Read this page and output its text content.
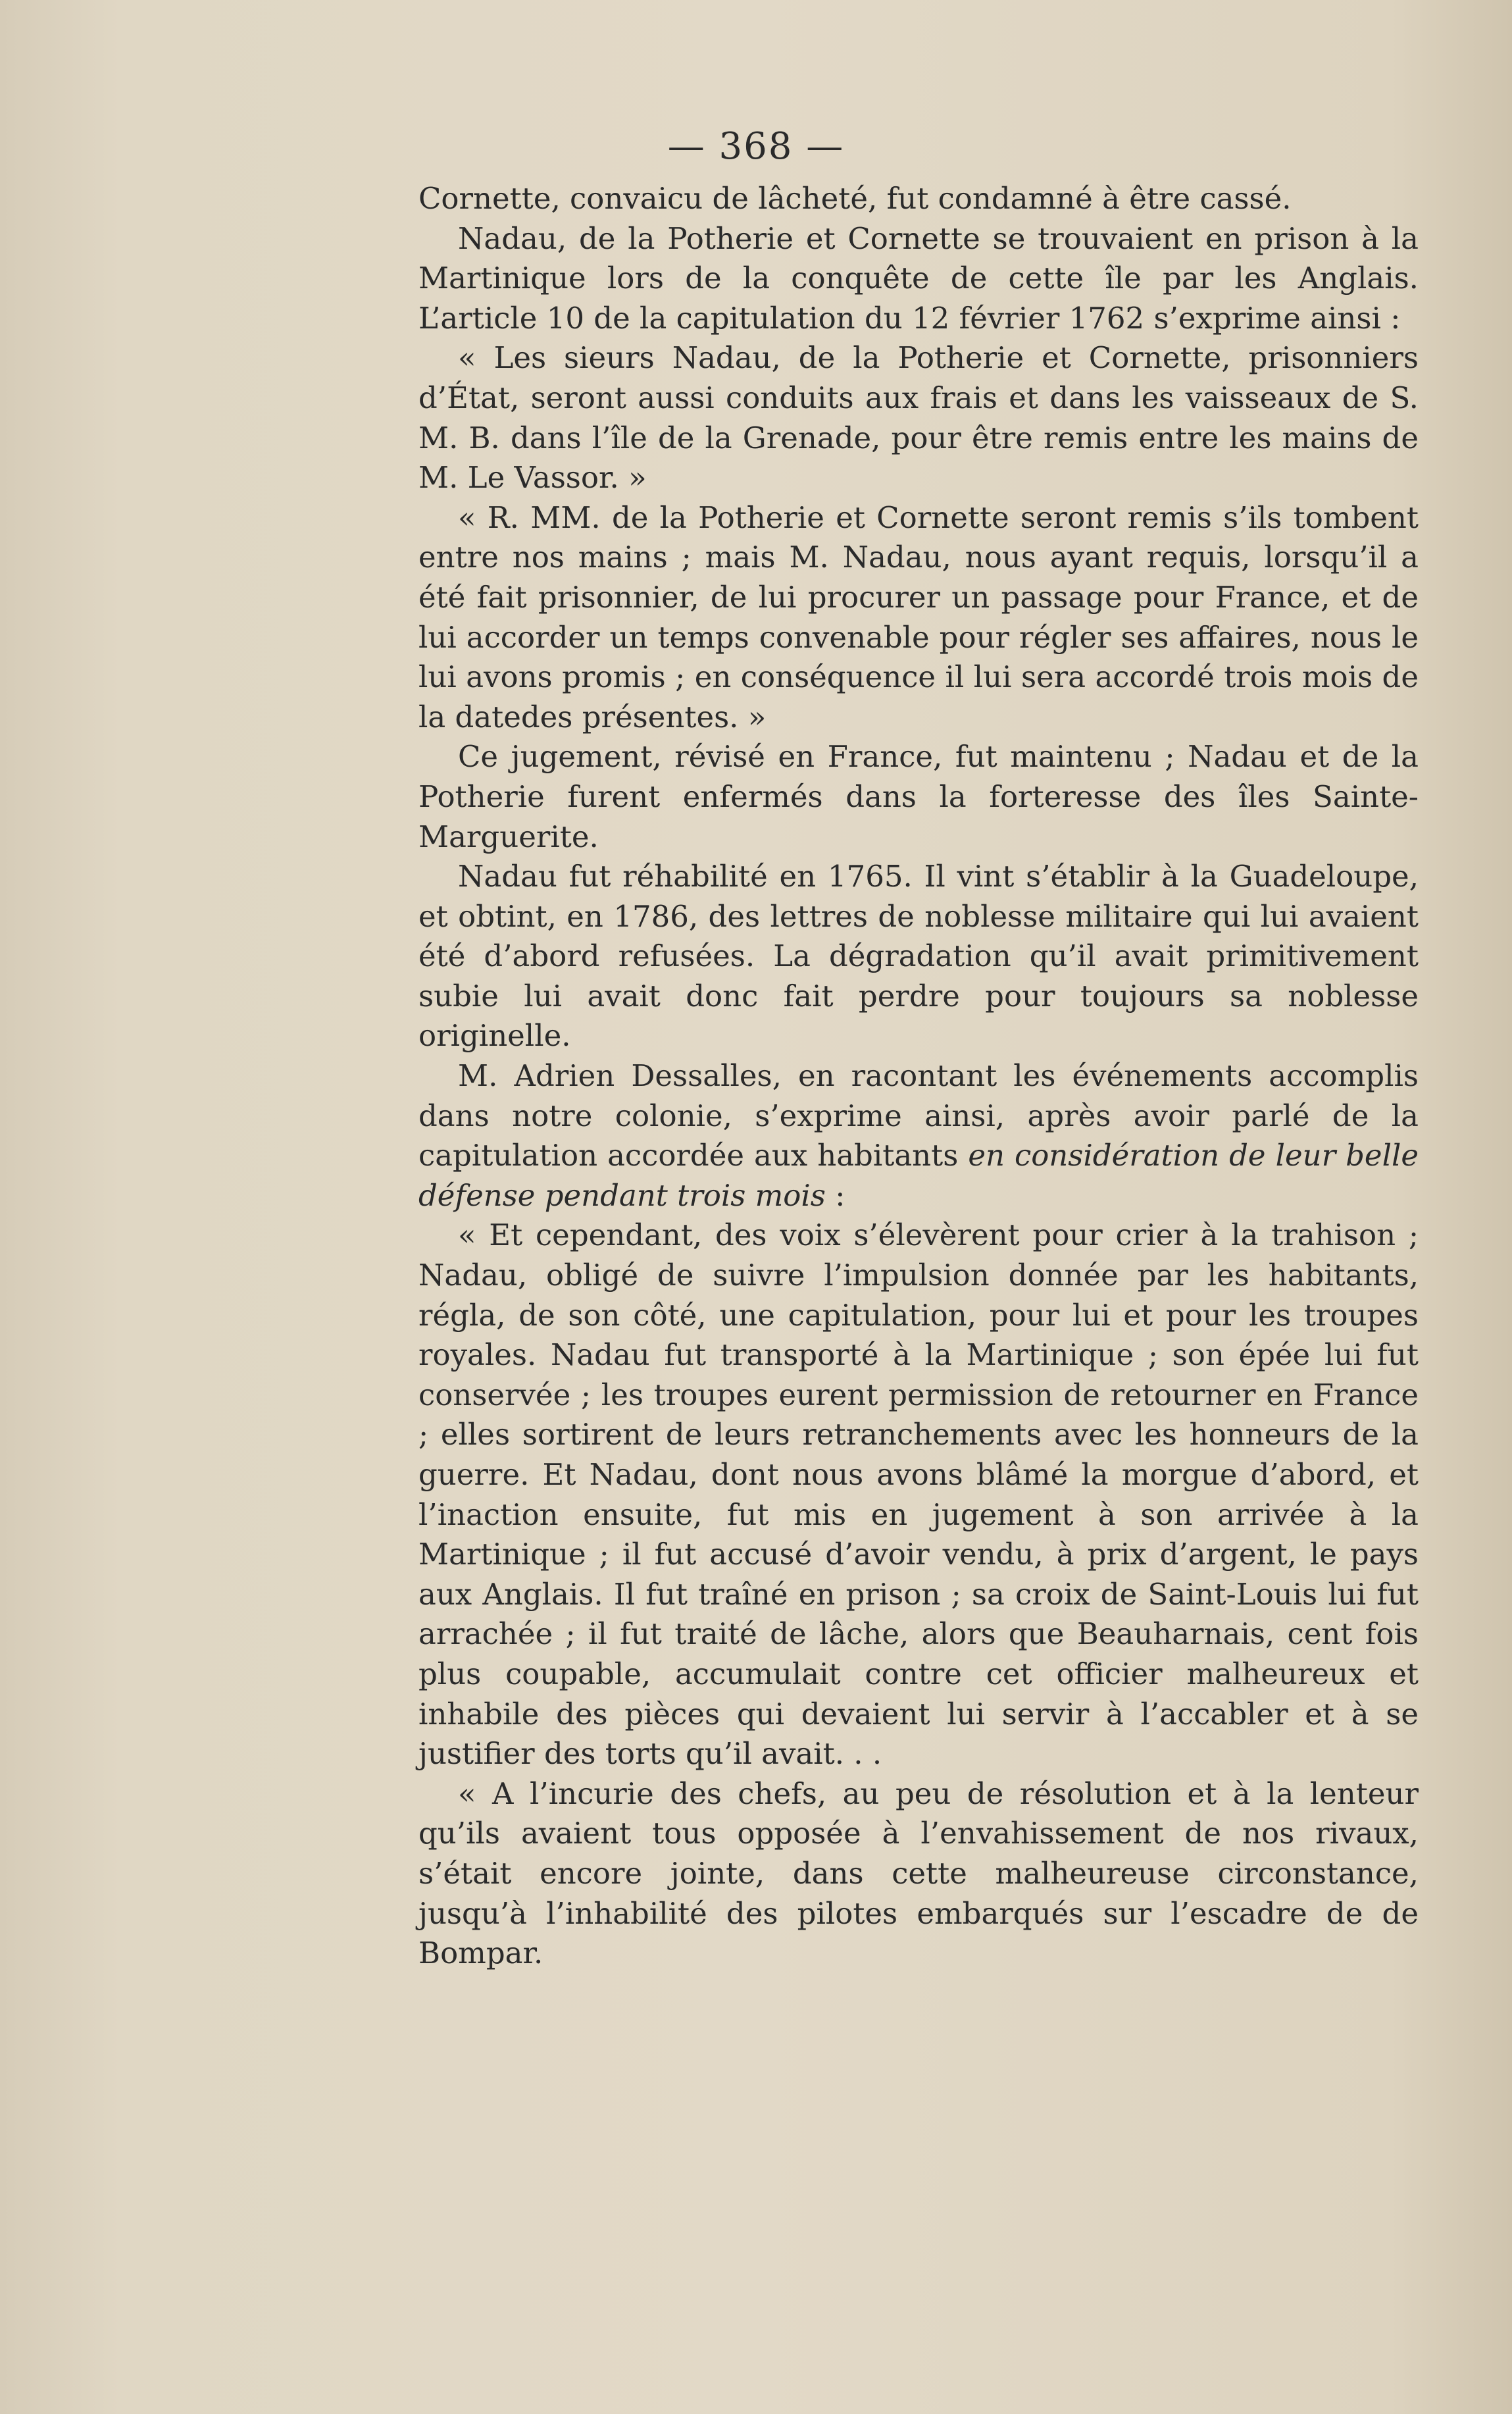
— 368 —

Cornette, convaicu de lâcheté, fut condamné à être cassé.

Nadau, de la Potherie et Cornette se trouvaient en prison à la Martinique lors de la conquête de cette île par les Anglais. L’article 10 de la capitulation du 12 février 1762 s’exprime ainsi :

« Les sieurs Nadau, de la Potherie et Cornette, prisonniers d’État, seront aussi conduits aux frais et dans les vaisseaux de S. M. B. dans l’île de la Grenade, pour être remis entre les mains de M. Le Vassor. »

« R. MM. de la Potherie et Cornette seront remis s’ils tombent entre nos mains ; mais M. Nadau, nous ayant requis, lorsqu’il a été fait prisonnier, de lui procurer un passage pour France, et de lui accorder un temps convenable pour régler ses affaires, nous le lui avons promis ; en conséquence il lui sera accordé trois mois de la datedes présentes. »

Ce jugement, révisé en France, fut maintenu ; Nadau et de la Potherie furent enfermés dans la forteresse des îles Sainte-Marguerite.

Nadau fut réhabilité en 1765. Il vint s’établir à la Guadeloupe, et obtint, en 1786, des lettres de noblesse militaire qui lui avaient été d’abord refusées. La dégradation qu’il avait primitivement subie lui avait donc fait perdre pour toujours sa noblesse originelle.

M. Adrien Dessalles, en racontant les événements accomplis dans notre colonie, s’exprime ainsi, après avoir parlé de la capitulation accordée aux habitants en considération de leur belle défense pendant trois mois :

« Et cependant, des voix s’élevèrent pour crier à la trahison ; Nadau, obligé de suivre l’impulsion donnée par les habitants, régla, de son côté, une capitulation, pour lui et pour les troupes royales. Nadau fut transporté à la Martinique ; son épée lui fut conservée ; les troupes eurent permission de retourner en France ; elles sortirent de leurs retranchements avec les honneurs de la guerre. Et Nadau, dont nous avons blâmé la morgue d’abord, et l’inaction ensuite, fut mis en jugement à son arrivée à la Martinique ; il fut accusé d’avoir vendu, à prix d’argent, le pays aux Anglais. Il fut traîné en prison ; sa croix de Saint-Louis lui fut arrachée ; il fut traité de lâche, alors que Beauharnais, cent fois plus coupable, accumulait contre cet officier malheureux et inhabile des pièces qui devaient lui servir à l’accabler et à se justifier des torts qu’il avait. . .

« A l’incurie des chefs, au peu de résolution et à la lenteur qu’ils avaient tous opposée à l’envahissement de nos rivaux, s’était encore jointe, dans cette malheureuse circonstance, jusqu’à l’inhabilité des pilotes embarqués sur l’escadre de de Bompar.
